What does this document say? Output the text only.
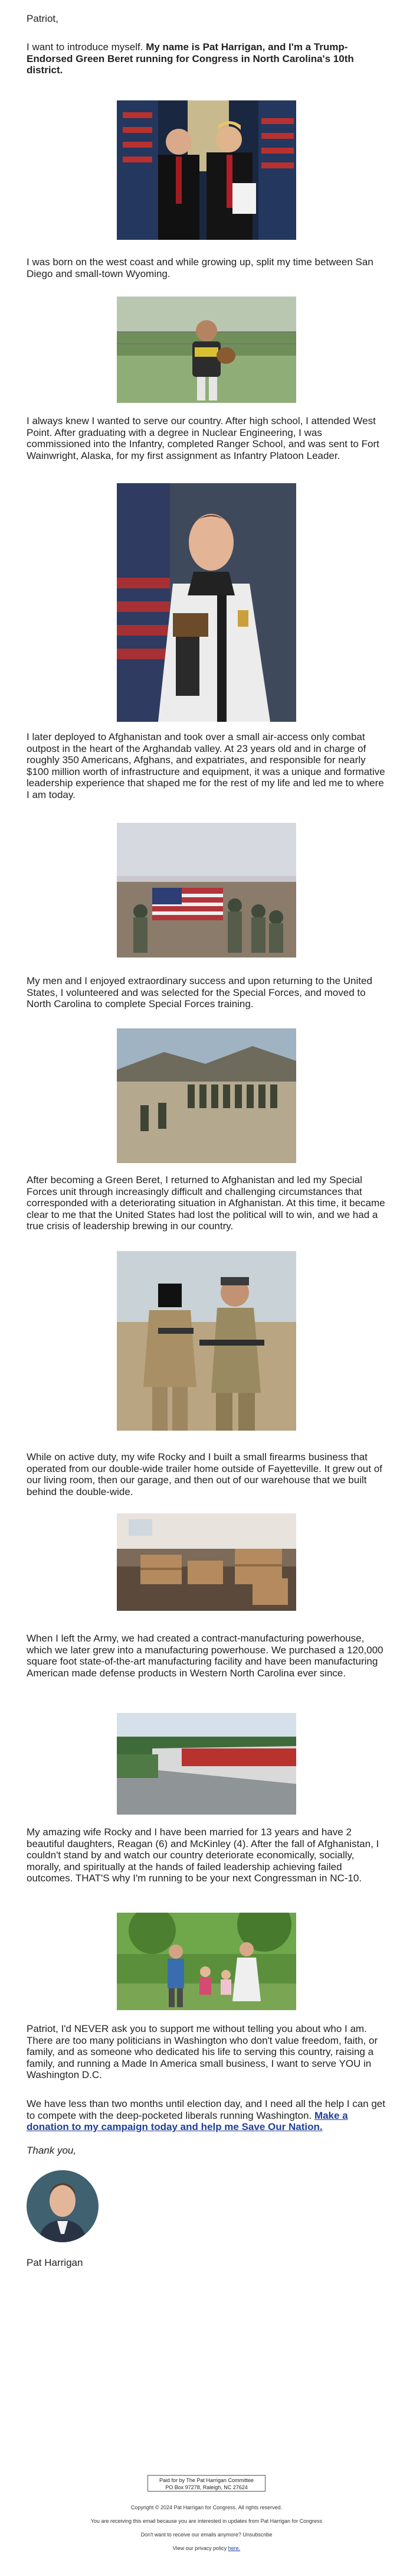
Patriot,

I want to introduce myself. My name is Pat Harrigan, and I'm a Trump-Endorsed Green Beret running for Congress in North Carolina's 10th district.

I was born on the west coast and while growing up, split my time between San Diego and small-town Wyoming.

I always knew I wanted to serve our country. After high school, I attended West Point. After graduating with a degree in Nuclear Engineering, I was commissioned into the Infantry, completed Ranger School, and was sent to Fort Wainwright, Alaska, for my first assignment as Infantry Platoon Leader.

I later deployed to Afghanistan and took over a small air-access only combat outpost in the heart of the Arghandab valley. At 23 years old and in charge of roughly 350 Americans, Afghans, and expatriates, and responsible for nearly $100 million worth of infrastructure and equipment, it was a unique and formative leadership experience that shaped me for the rest of my life and led me to where I am today.

My men and I enjoyed extraordinary success and upon returning to the United States, I volunteered and was selected for the Special Forces, and moved to North Carolina to complete Special Forces training.

After becoming a Green Beret, I returned to Afghanistan and led my Special Forces unit through increasingly difficult and challenging circumstances that corresponded with a deteriorating situation in Afghanistan. At this time, it became clear to me that the United States had lost the political will to win, and we had a true crisis of leadership brewing in our country.

While on active duty, my wife Rocky and I built a small firearms business that operated from our double-wide trailer home outside of Fayetteville. It grew out of our living room, then our garage, and then out of our warehouse that we built behind the double-wide.

When I left the Army, we had created a contract-manufacturing powerhouse, which we later grew into a manufacturing powerhouse. We purchased a 120,000 square foot state-of-the-art manufacturing facility and have been manufacturing American made defense products in Western North Carolina ever since.

My amazing wife Rocky and I have been married for 13 years and have 2 beautiful daughters, Reagan (6) and McKinley (4). After the fall of Afghanistan, I couldn't stand by and watch our country deteriorate economically, socially, morally, and spiritually at the hands of failed leadership achieving failed outcomes. THAT'S why I'm running to be your next Congressman in NC-10.

Patriot, I'd NEVER ask you to support me without telling you about who I am. There are too many politicians in Washington who don't value freedom, faith, or family, and as someone who dedicated his life to serving this country, raising a family, and running a Made In America small business, I want to serve YOU in Washington D.C.

We have less than two months until election day, and I need all the help I can get to compete with the deep-pocketed liberals running Washington. Make a donation to my campaign today and help me Save Our Nation.

Thank you,

Pat Harrigan

Paid for by The Pat Harrigan Committee
PO Box 97278, Raleigh, NC 27624
Copyright © 2024 Pat Harrigan for Congress. All rights reserved.
You are receiving this email because you are interested in updates from Pat Harrigan for Congress
Don't want to receive our emails anymore? Unsubscribe
View our privacy policy here.
